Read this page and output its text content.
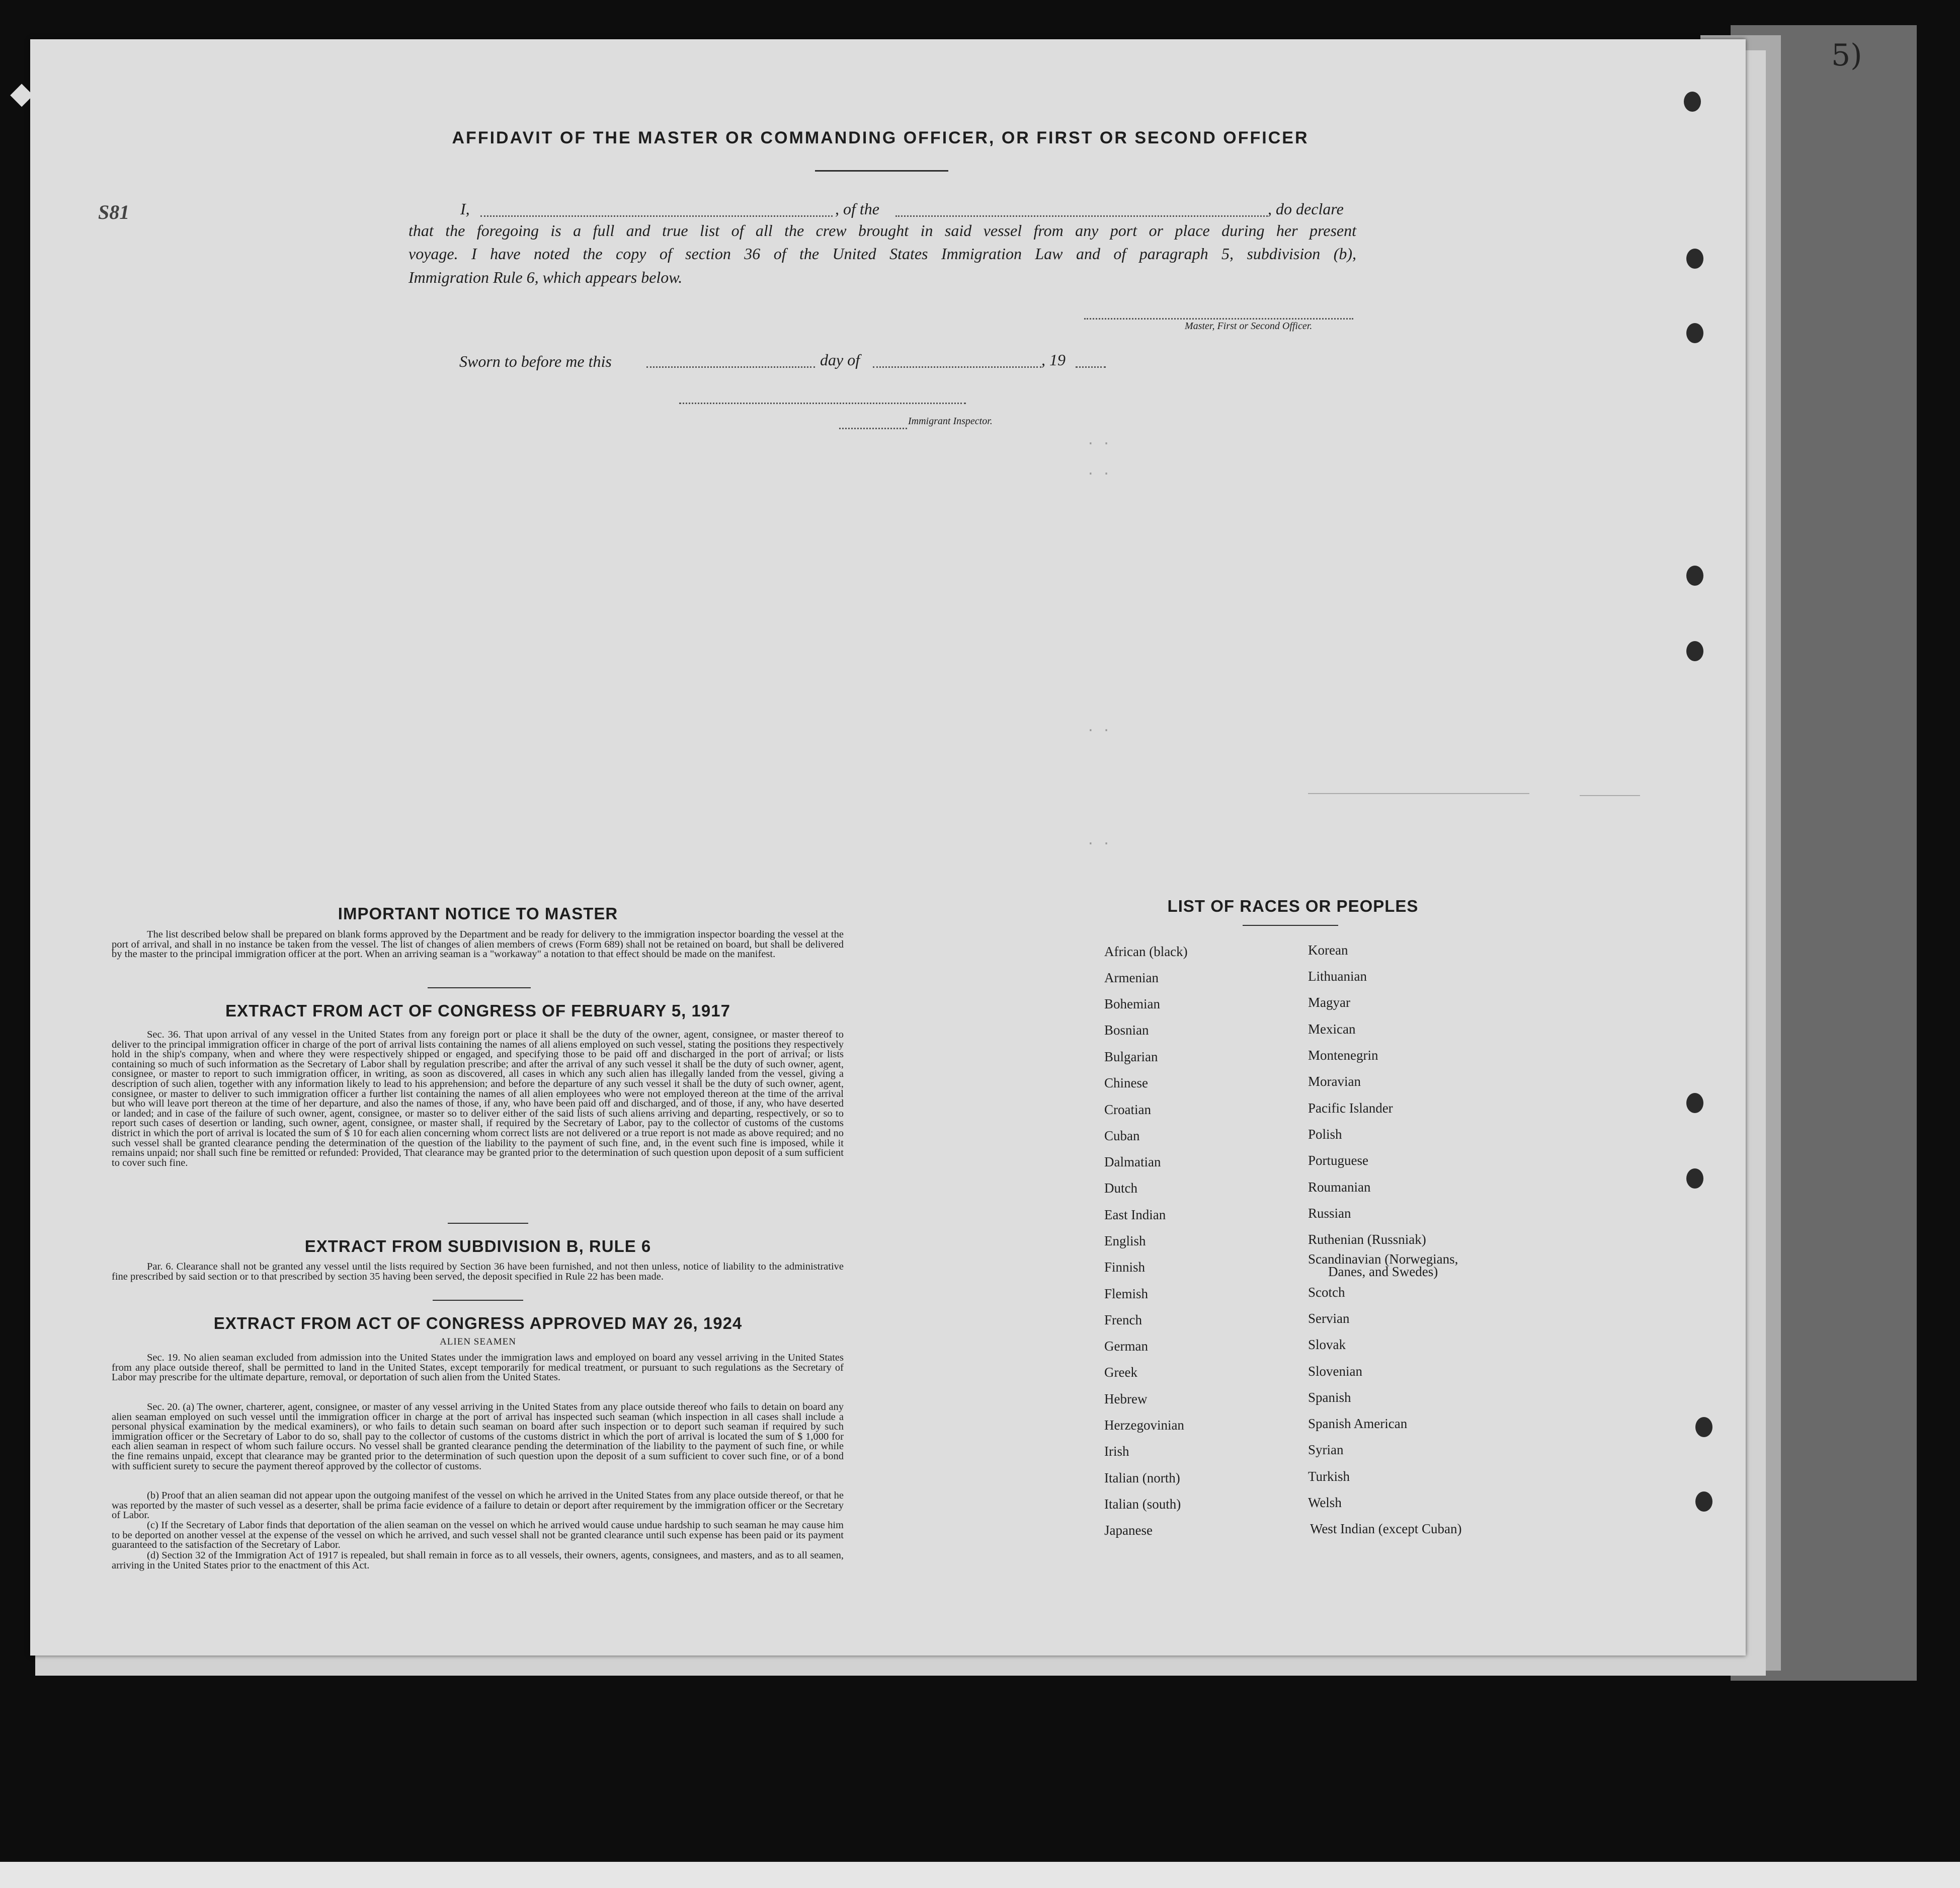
◆
5)
S81
AFFIDAVIT OF THE MASTER OR COMMANDING OFFICER, OR FIRST OR SECOND OFFICER
I,	, of the	, do declare
that the foregoing is a full and true list of all the crew brought in said vessel from any port or place during her present
voyage. I have noted the copy of section 36 of the United States Immigration Law and of paragraph 5, subdivision (b),
Immigration Rule 6, which appears below.
Master, First or Second Officer.
Sworn to before me this	day of	, 19
Immigrant Inspector.
. .
. .
. .
. .
IMPORTANT NOTICE TO MASTER
The list described below shall be prepared on blank forms approved by the Department and be ready for delivery to the immigration inspector boarding the vessel at the port of arrival, and shall in no instance be taken from the vessel. The list of changes of alien members of crews (Form 689) shall not be retained on board, but shall be delivered by the master to the principal immigration officer at the port. When an arriving seaman is a "workaway" a notation to that effect should be made on the manifest.
EXTRACT FROM ACT OF CONGRESS OF FEBRUARY 5, 1917
Sec. 36. That upon arrival of any vessel in the United States from any foreign port or place it shall be the duty of the owner, agent, consignee, or master thereof to deliver to the principal immigration officer in charge of the port of arrival lists containing the names of all aliens employed on such vessel, stating the positions they respectively hold in the ship's company, when and where they were respectively shipped or engaged, and specifying those to be paid off and discharged in the port of arrival; or lists containing so much of such information as the Secretary of Labor shall by regulation prescribe; and after the arrival of any such vessel it shall be the duty of such owner, agent, consignee, or master to report to such immigration officer, in writing, as soon as discovered, all cases in which any such alien has illegally landed from the vessel, giving a description of such alien, together with any information likely to lead to his apprehension; and before the departure of any such vessel it shall be the duty of such owner, agent, consignee, or master to deliver to such immigration officer a further list containing the names of all alien employees who were not employed thereon at the time of the arrival but who will leave port thereon at the time of her departure, and also the names of those, if any, who have been paid off and discharged, and of those, if any, who have deserted or landed; and in case of the failure of such owner, agent, consignee, or master so to deliver either of the said lists of such aliens arriving and departing, respectively, or so to report such cases of desertion or landing, such owner, agent, consignee, or master shall, if required by the Secretary of Labor, pay to the collector of customs of the customs district in which the port of arrival is located the sum of $ 10 for each alien concerning whom correct lists are not delivered or a true report is not made as above required; and no such vessel shall be granted clearance pending the determination of the question of the liability to the payment of such fine, and, in the event such fine is imposed, while it remains unpaid; nor shall such fine be remitted or refunded: Provided, That clearance may be granted prior to the determination of such question upon deposit of a sum sufficient to cover such fine.
EXTRACT FROM SUBDIVISION B, RULE 6
Par. 6. Clearance shall not be granted any vessel until the lists required by Section 36 have been furnished, and not then unless, notice of liability to the administrative fine prescribed by said section or to that prescribed by section 35 having been served, the deposit specified in Rule 22 has been made.
EXTRACT FROM ACT OF CONGRESS APPROVED MAY 26, 1924
ALIEN SEAMEN
Sec. 19. No alien seaman excluded from admission into the United States under the immigration laws and employed on board any vessel arriving in the United States from any place outside thereof, shall be permitted to land in the United States, except temporarily for medical treatment, or pursuant to such regulations as the Secretary of Labor may prescribe for the ultimate departure, removal, or deportation of such alien from the United States.
Sec. 20. (a) The owner, charterer, agent, consignee, or master of any vessel arriving in the United States from any place outside thereof who fails to detain on board any alien seaman employed on such vessel until the immigration officer in charge at the port of arrival has inspected such seaman (which inspection in all cases shall include a personal physical examination by the medical examiners), or who fails to detain such seaman on board after such inspection or to deport such seaman if required by such immigration officer or the Secretary of Labor to do so, shall pay to the collector of customs of the customs district in which the port of arrival is located the sum of $ 1,000 for each alien seaman in respect of whom such failure occurs. No vessel shall be granted clearance pending the determination of the liability to the payment of such fine, or while the fine remains unpaid, except that clearance may be granted prior to the determination of such question upon the deposit of a sum sufficient to cover such fine, or of a bond with sufficient surety to secure the payment thereof approved by the collector of customs.
(b) Proof that an alien seaman did not appear upon the outgoing manifest of the vessel on which he arrived in the United States from any place outside thereof, or that he was reported by the master of such vessel as a deserter, shall be prima facie evidence of a failure to detain or deport after requirement by the immigration officer or the Secretary of Labor.
(c) If the Secretary of Labor finds that deportation of the alien seaman on the vessel on which he arrived would cause undue hardship to such seaman he may cause him to be deported on another vessel at the expense of the vessel on which he arrived, and such vessel shall not be granted clearance until such expense has been paid or its payment guaranteed to the satisfaction of the Secretary of Labor.
(d) Section 32 of the Immigration Act of 1917 is repealed, but shall remain in force as to all vessels, their owners, agents, consignees, and masters, and as to all seamen, arriving in the United States prior to the enactment of this Act.
LIST OF RACES OR PEOPLES
African (black)
Armenian
Bohemian
Bosnian
Bulgarian
Chinese
Croatian
Cuban
Dalmatian
Dutch
East Indian
English
Finnish
Flemish
French
German
Greek
Hebrew
Herzegovinian
Irish
Italian (north)
Italian (south)
Japanese
Korean
Lithuanian
Magyar
Mexican
Montenegrin
Moravian
Pacific Islander
Polish
Portuguese
Roumanian
Russian
Ruthenian (Russniak)
Scandinavian (Norwegians,
Danes, and Swedes)
Scotch
Servian
Slovak
Slovenian
Spanish
Spanish American
Syrian
Turkish
Welsh
West Indian (except Cuban)
